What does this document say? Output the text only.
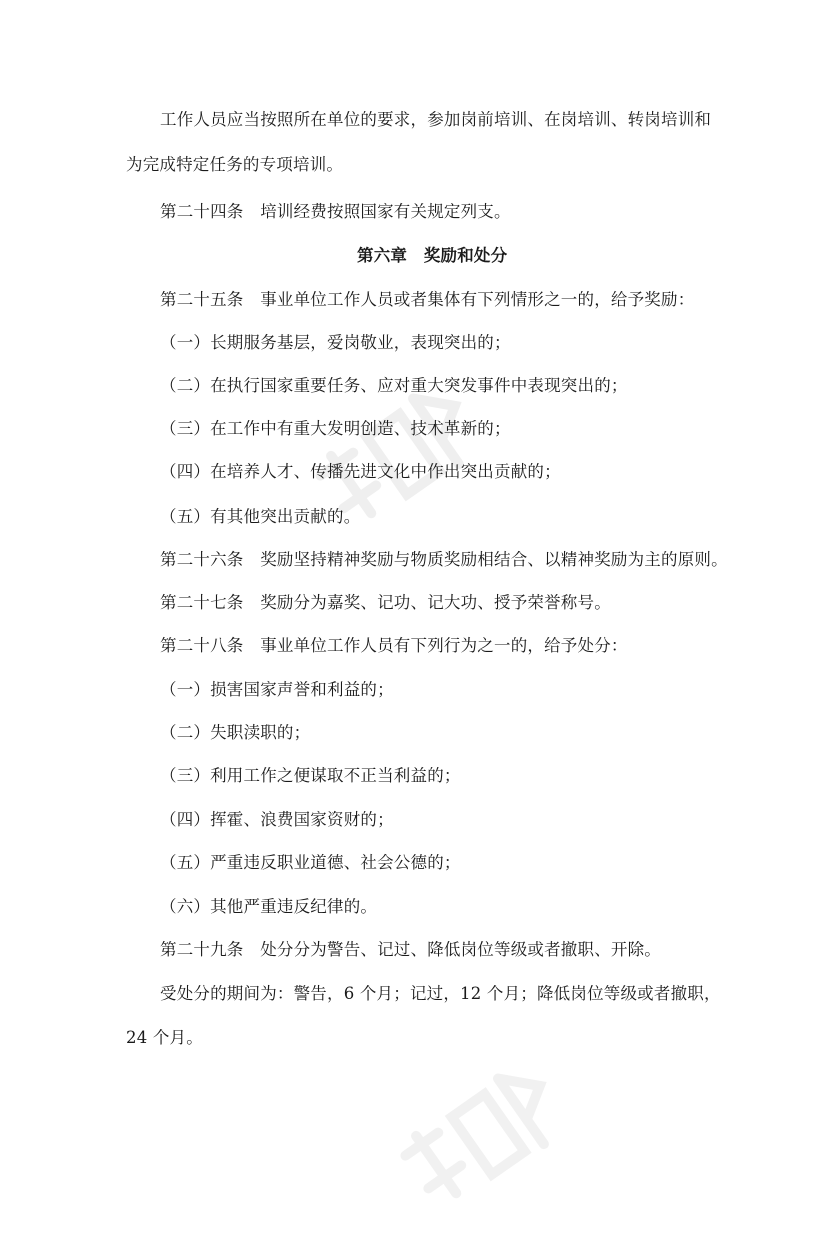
工作人员应当按照所在单位的要求，参加岗前培训、在岗培训、转岗培训和
为完成特定任务的专项培训。
第二十四条　培训经费按照国家有关规定列支。
第六章　奖励和处分
第二十五条　事业单位工作人员或者集体有下列情形之一的，给予奖励：
（一）长期服务基层，爱岗敬业，表现突出的；
（二）在执行国家重要任务、应对重大突发事件中表现突出的；
（三）在工作中有重大发明创造、技术革新的；
（四）在培养人才、传播先进文化中作出突出贡献的；
（五）有其他突出贡献的。
第二十六条　奖励坚持精神奖励与物质奖励相结合、以精神奖励为主的原则。
第二十七条　奖励分为嘉奖、记功、记大功、授予荣誉称号。
第二十八条　事业单位工作人员有下列行为之一的，给予处分：
（一）损害国家声誉和利益的；
（二）失职渎职的；
（三）利用工作之便谋取不正当利益的；
（四）挥霍、浪费国家资财的；
（五）严重违反职业道德、社会公德的；
（六）其他严重违反纪律的。
第二十九条　处分分为警告、记过、降低岗位等级或者撤职、开除。
受处分的期间为：警告，6 个月；记过，12 个月；降低岗位等级或者撤职，
24 个月。
